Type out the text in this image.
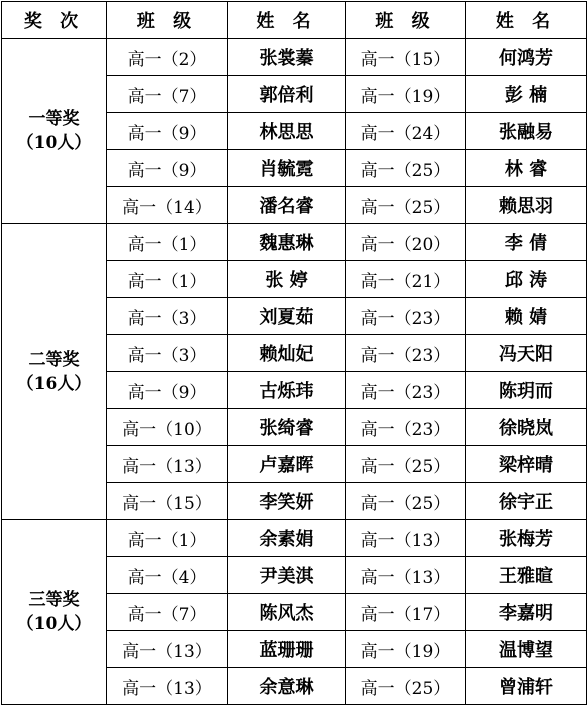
奖 次	班 级	姓 名	班 级	姓 名

一等奖
（10人）	高一（2）	张裳蓁	高一（15）	何鸿芳
	高一（7）	郭倍利	高一（19）	彭 楠
	高一（9）	林思思	高一（24）	张融易
	高一（9）	肖毓霓	高一（25）	林 睿
	高一（14）	潘名睿	高一（25）	赖思羽

二等奖
（16人）	高一（1）	魏惠琳	高一（20）	李 倩
	高一（1）	张 婷	高一（21）	邱 涛
	高一（3）	刘夏茹	高一（23）	赖 婧
	高一（3）	赖灿妃	高一（23）	冯天阳
	高一（9）	古烁玮	高一（23）	陈玥而
	高一（10）	张绮睿	高一（23）	徐晓岚
	高一（13）	卢嘉晖	高一（25）	梁梓晴
	高一（15）	李笑妍	高一（25）	徐宇正

三等奖
（10人）	高一（1）	余素娟	高一（13）	张梅芳
	高一（4）	尹美淇	高一（13）	王雅暄
	高一（7）	陈风杰	高一（17）	李嘉明
	高一（13）	蓝珊珊	高一（19）	温博望
	高一（13）	余意琳	高一（25）	曾浦轩
